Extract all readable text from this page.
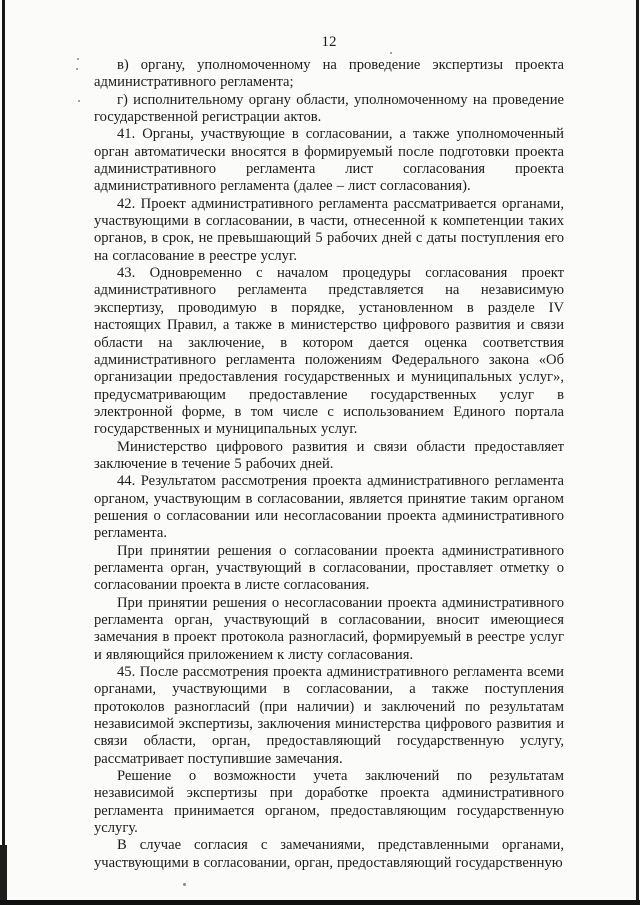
12

в) органу, уполномоченному на проведение экспертизы проекта административного регламента;

г) исполнительному органу области, уполномоченному на проведение государственной регистрации актов.

41. Органы, участвующие в согласовании, а также уполномоченный орган автоматически вносятся в формируемый после подготовки проекта административного регламента лист согласования проекта административного регламента (далее – лист согласования).

42. Проект административного регламента рассматривается органами, участвующими в согласовании, в части, отнесенной к компетенции таких органов, в срок, не превышающий 5 рабочих дней с даты поступления его на согласование в реестре услуг.

43. Одновременно с началом процедуры согласования проект административного регламента представляется на независимую экспертизу, проводимую в порядке, установленном в разделе IV настоящих Правил, а также в министерство цифрового развития и связи области на заключение, в котором дается оценка соответствия административного регламента положениям Федерального закона «Об организации предоставления государственных и муниципальных услуг», предусматривающим предоставление государственных услуг в электронной форме, в том числе с использованием Единого портала государственных и муниципальных услуг.

Министерство цифрового развития и связи области предоставляет заключение в течение 5 рабочих дней.

44. Результатом рассмотрения проекта административного регламента органом, участвующим в согласовании, является принятие таким органом решения о согласовании или несогласовании проекта административного регламента.

При принятии решения о согласовании проекта административного регламента орган, участвующий в согласовании, проставляет отметку о согласовании проекта в листе согласования.

При принятии решения о несогласовании проекта административного регламента орган, участвующий в согласовании, вносит имеющиеся замечания в проект протокола разногласий, формируемый в реестре услуг и являющийся приложением к листу согласования.

45. После рассмотрения проекта административного регламента всеми органами, участвующими в согласовании, а также поступления протоколов разногласий (при наличии) и заключений по результатам независимой экспертизы, заключения министерства цифрового развития и связи области, орган, предоставляющий государственную услугу, рассматривает поступившие замечания.

Решение о возможности учета заключений по результатам независимой экспертизы при доработке проекта административного регламента принимается органом, предоставляющим государственную услугу.

В случае согласия с замечаниями, представленными органами, участвующими в согласовании, орган, предоставляющий государственную
